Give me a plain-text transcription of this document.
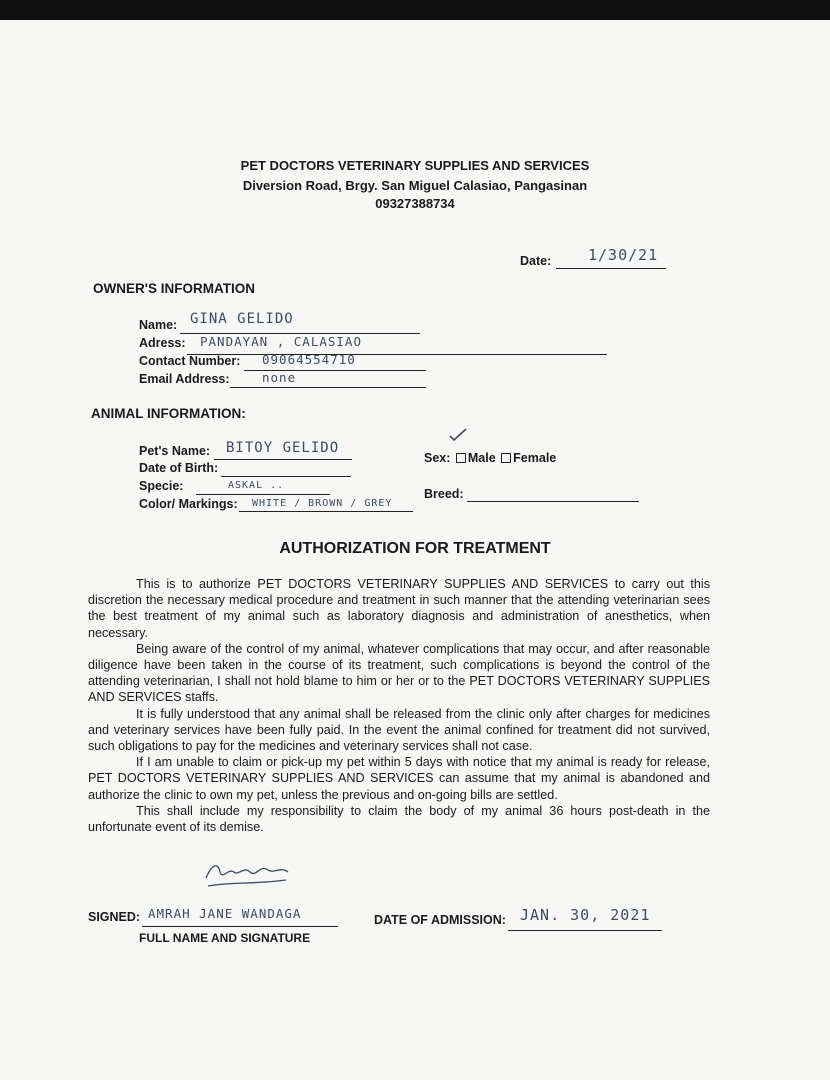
PET DOCTORS VETERINARY SUPPLIES AND SERVICES
Diversion Road, Brgy. San Miguel Calasiao, Pangasinan
09327388734
Date: 1/30/21
OWNER'S INFORMATION
Name: GINA GELIDO
Adress: PANDAYAN , CALASIAO
Contact Number: 09064554710
Email Address:	none
ANIMAL INFORMATION:
Pet's Name: BITOY GELIDO
Date of Birth:
Specie:	ASKAL ..
Color/ Markings: WHITE / BROWN / GREY
Sex: Male Female
Breed:
AUTHORIZATION FOR TREATMENT

This is to authorize PET DOCTORS VETERINARY SUPPLIES AND SERVICES to carry out this discretion the necessary medical procedure and treatment in such manner that the attending veterinarian sees the best treatment of my animal such as laboratory diagnosis and administration of anesthetics, when necessary.

Being aware of the control of my animal, whatever complications that may occur, and after reasonable diligence have been taken in the course of its treatment, such complications is beyond the control of the attending veterinarian, I shall not hold blame to him or her or to the PET DOCTORS VETERINARY SUPPLIES AND SERVICES staffs.

It is fully understood that any animal shall be released from the clinic only after charges for medicines and veterinary services have been fully paid. In the event the animal confined for treatment did not survived, such obligations to pay for the medicines and veterinary services shall not case.

If I am unable to claim or pick-up my pet within 5 days with notice that my animal is ready for release, PET DOCTORS VETERINARY SUPPLIES AND SERVICES can assume that my animal is abandoned and authorize the clinic to own my pet, unless the previous and on-going bills are settled.

This shall include my responsibility to claim the body of my animal 36 hours post-death in the unfortunate event of its demise.

SIGNED: AMRAH JANE WANDAGA
FULL NAME AND SIGNATURE
DATE OF ADMISSION: JAN. 30, 2021
